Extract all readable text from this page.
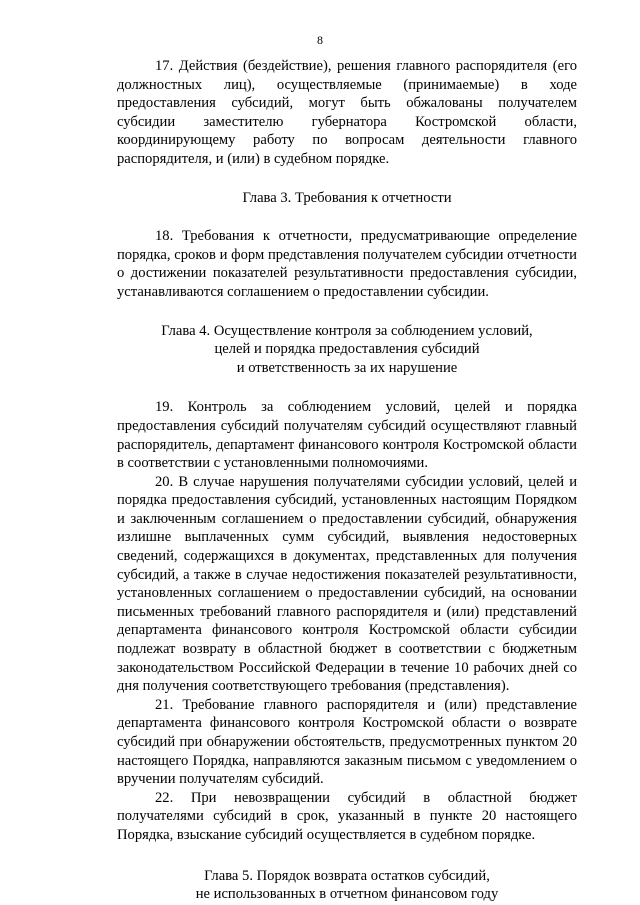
8

17. Действия (бездействие), решения главного распорядителя (его должностных лиц), осуществляемые (принимаемые) в ходе предоставления субсидий, могут быть обжалованы получателем субсидии заместителю губернатора Костромской области, координирующему работу по вопросам деятельности главного распорядителя, и (или) в судебном порядке.

Глава 3. Требования к отчетности

18. Требования к отчетности, предусматривающие определение порядка, сроков и форм представления получателем субсидии отчетности о достижении показателей результативности предоставления субсидии, устанавливаются соглашением о предоставлении субсидии.

Глава 4. Осуществление контроля за соблюдением условий,
целей и порядка предоставления субсидий
и ответственность за их нарушение

19. Контроль за соблюдением условий, целей и порядка предоставления субсидий получателям субсидий осуществляют главный распорядитель, департамент финансового контроля Костромской области в соответствии с установленными полномочиями.

20. В случае нарушения получателями субсидии условий, целей и порядка предоставления субсидий, установленных настоящим Порядком и заключенным соглашением о предоставлении субсидий, обнаружения излишне выплаченных сумм субсидий, выявления недостоверных сведений, содержащихся в документах, представленных для получения субсидий, а также в случае недостижения показателей результативности, установленных соглашением о предоставлении субсидий, на основании письменных требований главного распорядителя и (или) представлений департамента финансового контроля Костромской области субсидии подлежат возврату в областной бюджет в соответствии с бюджетным законодательством Российской Федерации в течение 10 рабочих дней со дня получения соответствующего требования (представления).

21. Требование главного распорядителя и (или) представление департамента финансового контроля Костромской области о возврате субсидий при обнаружении обстоятельств, предусмотренных пунктом 20 настоящего Порядка, направляются заказным письмом с уведомлением о вручении получателям субсидий.

22. При невозвращении субсидий в областной бюджет получателями субсидий в срок, указанный в пункте 20 настоящего Порядка, взыскание субсидий осуществляется в судебном порядке.

Глава 5. Порядок возврата остатков субсидий,
не использованных в отчетном финансовом году
